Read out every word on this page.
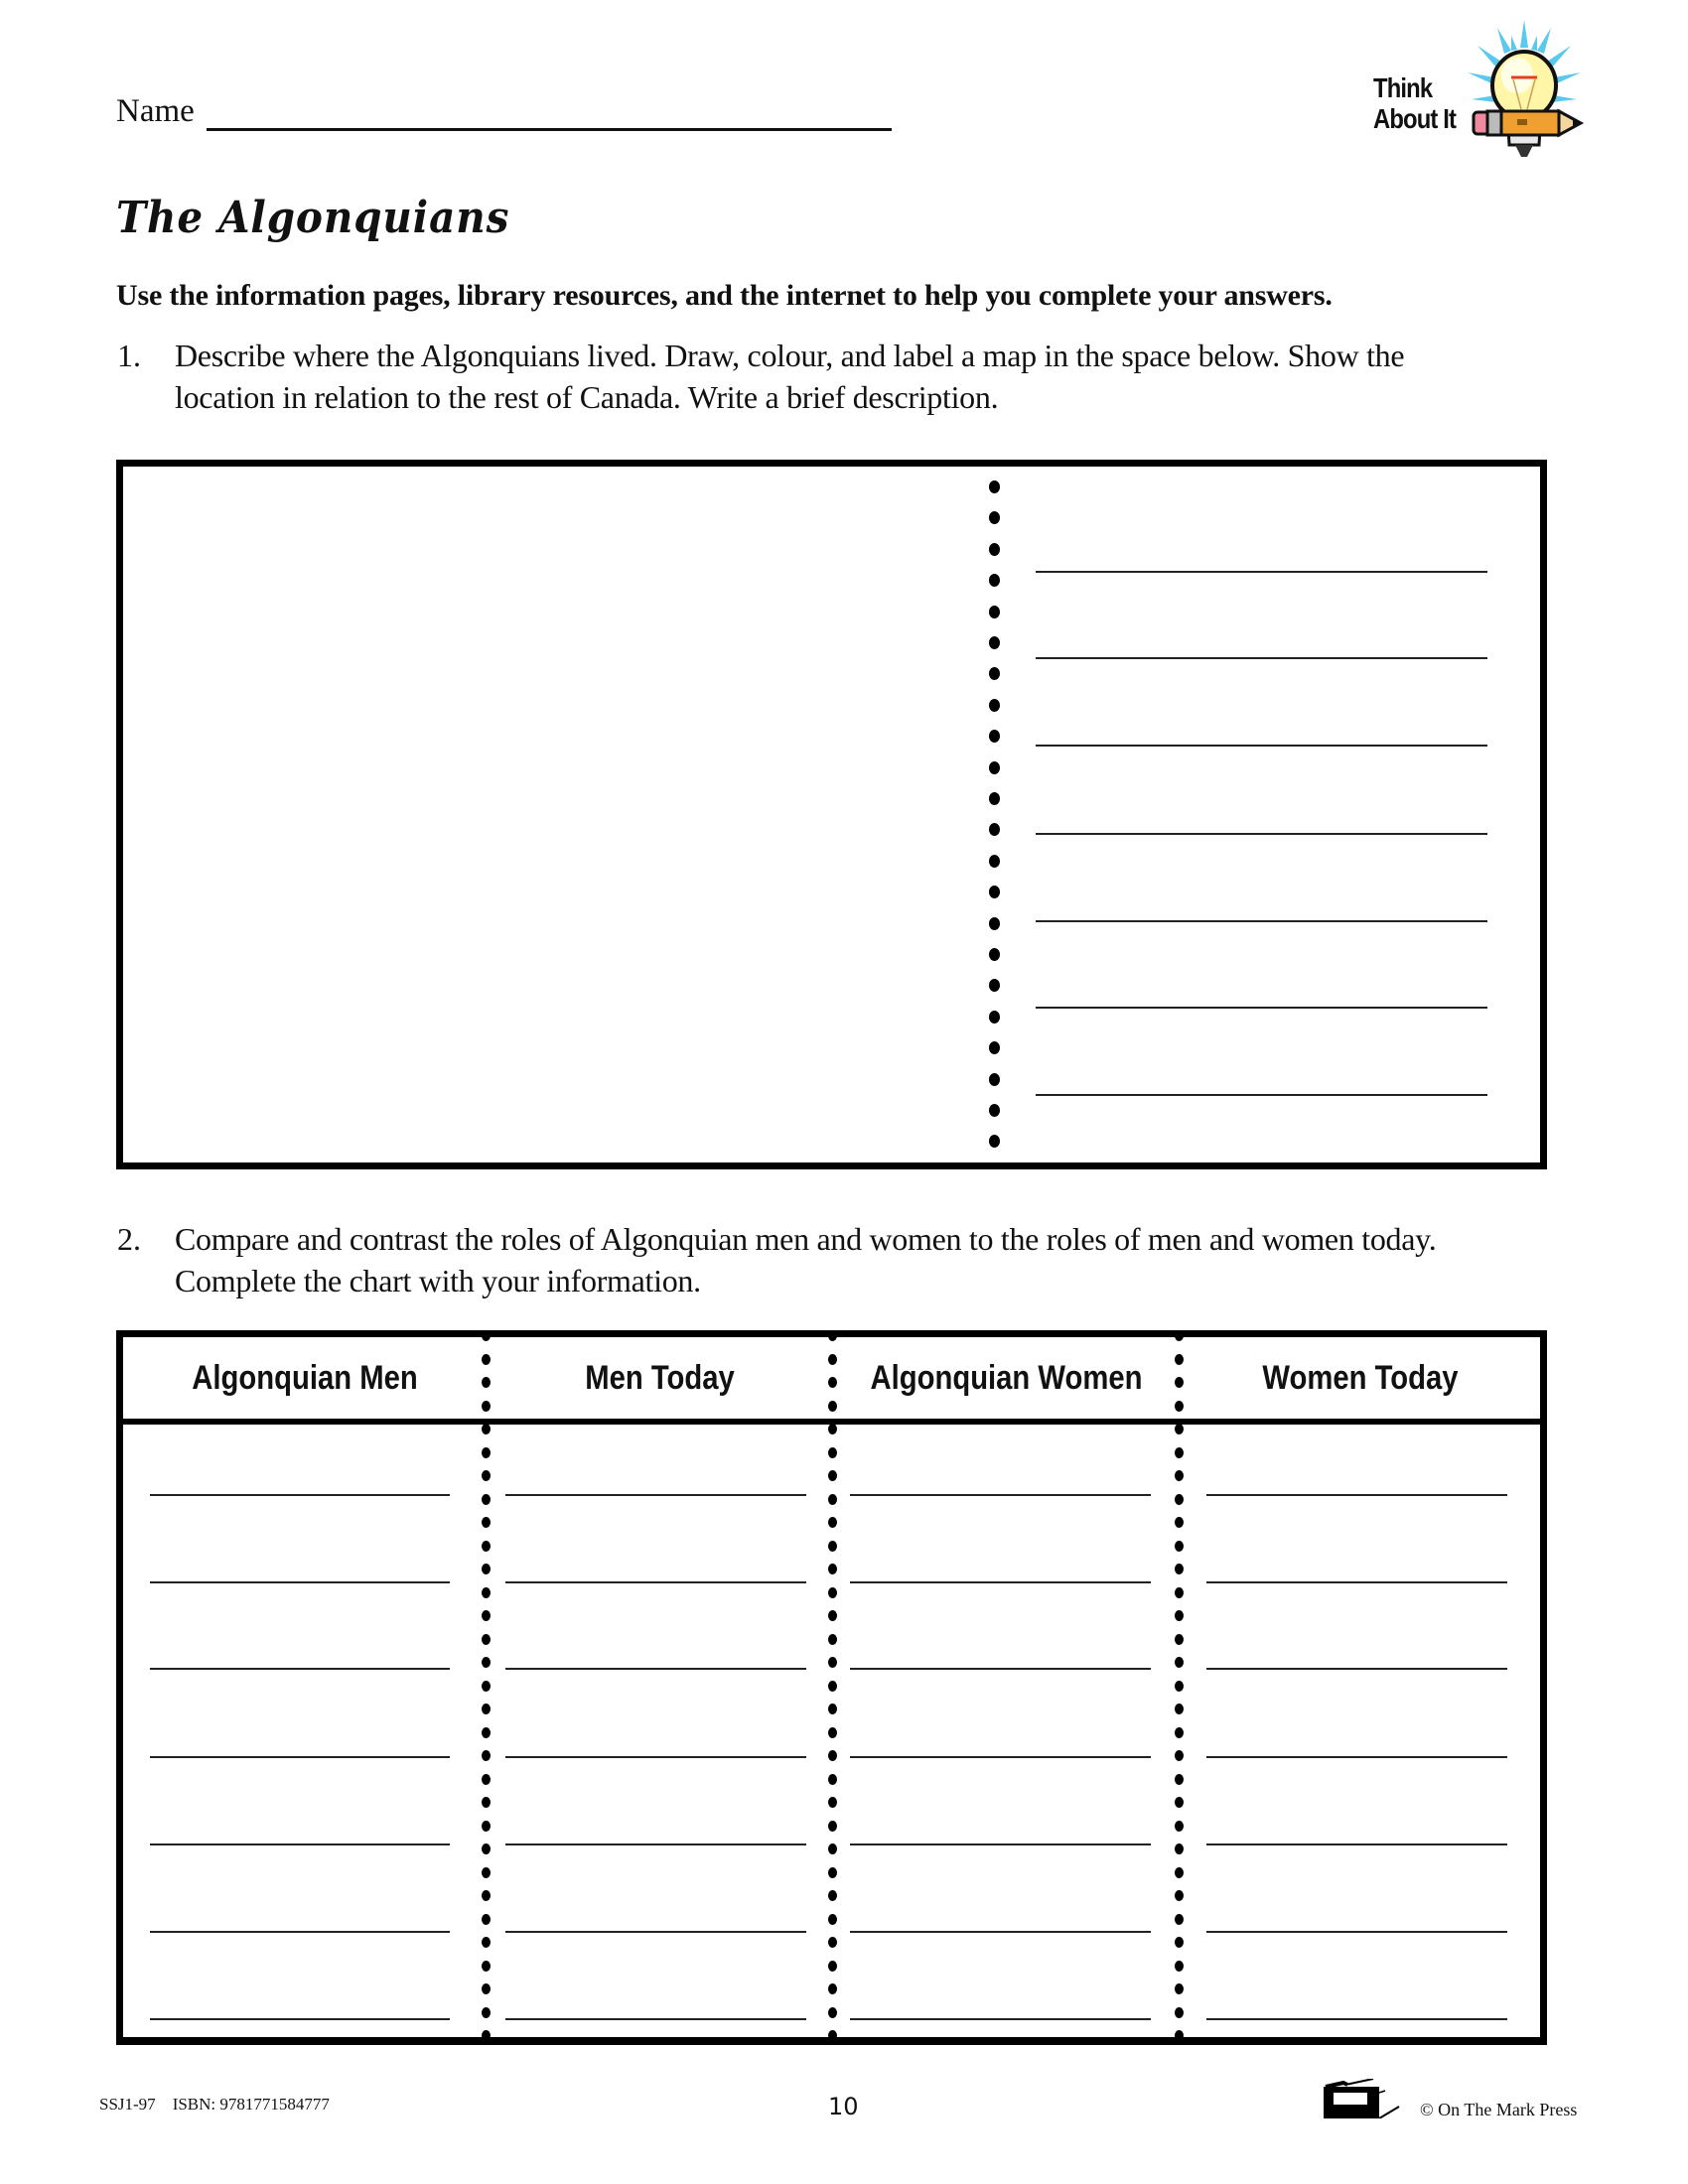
Name
The Algonquians
Think
About It
Use the information pages, library resources, and the internet to help you complete your answers.
1. Describe where the Algonquians lived. Draw, colour, and label a map in the space below. Show the
location in relation to the rest of Canada. Write a brief description.
2. Compare and contrast the roles of Algonquian men and women to the roles of men and women today.
Complete the chart with your information.
Algonquian Men	Men Today	Algonquian Women	Women Today
SSJ1-97 ISBN: 9781771584777	10	© On The Mark Press
